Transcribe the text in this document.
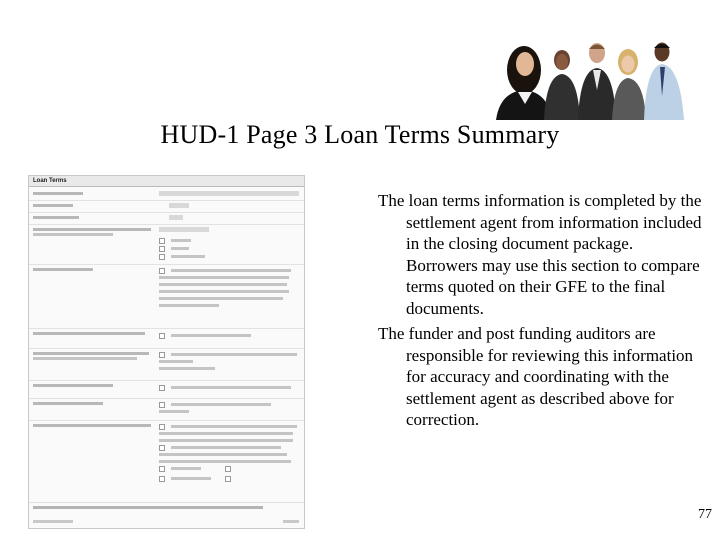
HUD-1 Page 3 Loan Terms Summary
Loan Terms

The loan terms information is completed by the settlement agent from information included in the closing document package. Borrowers may use this section to compare terms quoted on their GFE to the final documents.

The funder and post funding auditors are responsible for reviewing this information for accuracy and coordinating with the settlement agent as described above for correction.

77
